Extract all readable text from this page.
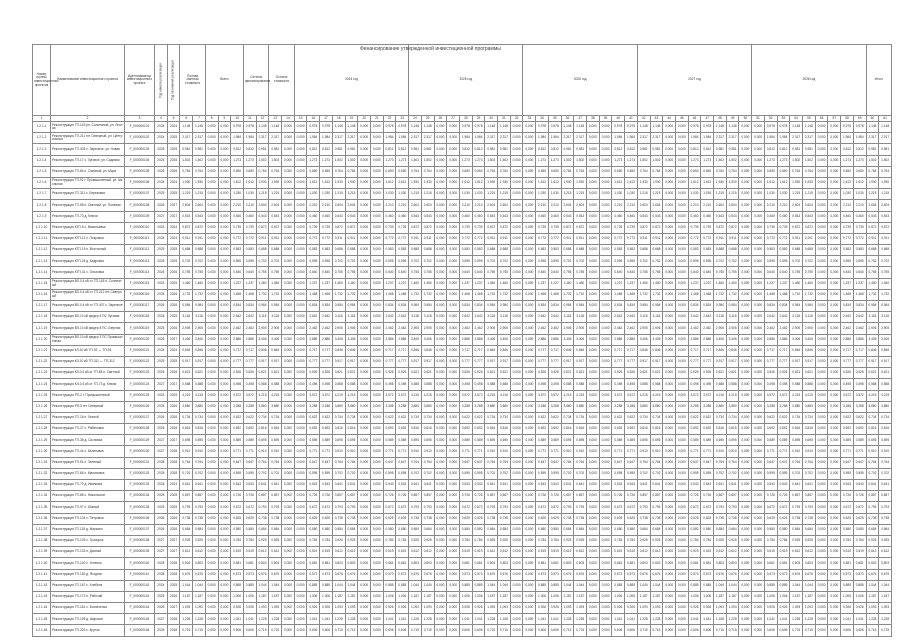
Финансирование утвержденной инвестиционной программы
Номер группы инвестиционных проектов	Наименование инвестиционного проекта	Идентификатор инвестиционного проекта	Год начала реализации	Год окончания реализации	Полная сметная стоимость		Всего			Остаток финансирования		Остаток стоимости		2024 год									2025 год									2026 год									2027 год									2028 год									Итого	
1	2	3	4	5	6	7	8	9	10	11	12	13	14	15	16	17	18	19	20	21	22	23	24	25	26	27	28	29	30	31	32	33	34	35	36	37	38	39	40	41	42	43	44	45	46	47	48	49	50	51	52	53	54	55	56	57	58	59	60	61
1.2.1.1	Реконструкция ТП-143 рп. Солнечный, ул. Лесная	F_000000101	2024	2024	1,148	1,148	0,000	0,000	0,978	0,978	1,148	1,148	0,000	0,000	0,978	0,978	1,148	1,148	0,000	0,000	0,978	0,978	1,148	1,148	0,000	0,000	0,978	0,978	1,148	1,148	0,000	0,000	0,978	0,978	1,148	1,148	0,000	0,000	0,978	0,978	1,148	1,148	0,000	0,000	0,978	0,978	1,148	1,148	0,000	0,000	0,978	0,978	1,148	1,148	0,000	0,000	0,978	0,978	1,148	1,148
1.2.1.2	Реконструкция ТП-211 пгт Северный, ул. Центральная	F_000000102	2024	2025	2,317	2,317	0,000	0,000	1,984	1,984	2,317	2,317	0,000	0,000	1,984	1,984	2,317	2,317	0,000	0,000	1,984	1,984	2,317	2,317	0,000	0,000	1,984	1,984	2,317	2,317	0,000	0,000	1,984	1,984	2,317	2,317	0,000	0,000	1,984	1,984	2,317	2,317	0,000	0,000	1,984	1,984	2,317	2,317	0,000	0,000	1,984	1,984	2,317	2,317	0,000	0,000	1,984	1,984	2,317	2,317
1.2.1.3	Реконструкция ТП-405 с. Заречное, ул. Новая	F_000000103	2025	2025	0,981	0,981	0,000	0,000	0,812	0,812	0,981	0,981	0,000	0,000	0,812	0,812	0,981	0,981	0,000	0,000	0,812	0,812	0,981	0,981	0,000	0,000	0,812	0,812	0,981	0,981	0,000	0,000	0,812	0,812	0,981	0,981	0,000	0,000	0,812	0,812	0,981	0,981	0,000	0,000	0,812	0,812	0,981	0,981	0,000	0,000	0,812	0,812	0,981	0,981	0,000	0,000	0,812	0,812	0,981	0,981
1.2.1.4	Реконструкция ТП-17 с. Луговое, ул. Садовая	F_000000104	2025	2026	1,502	1,502	0,000	0,000	1,273	1,273	1,502	1,502	0,000	0,000	1,273	1,273	1,502	1,502	0,000	0,000	1,273	1,273	1,502	1,502	0,000	0,000	1,273	1,273	1,502	1,502	0,000	0,000	1,273	1,273	1,502	1,502	0,000	0,000	1,273	1,273	1,502	1,502	0,000	0,000	1,273	1,273	1,502	1,502	0,000	0,000	1,273	1,273	1,502	1,502	0,000	0,000	1,273	1,273	1,502	1,502
1.2.1.5	Реконструкция ТП-84 п. Озерный, ул. Мира	F_000000105	2026	2026	0,764	0,764	0,000	0,000	0,650	0,650	0,764	0,764	0,000	0,000	0,650	0,650	0,764	0,764	0,000	0,000	0,650	0,650	0,764	0,764	0,000	0,000	0,650	0,650	0,764	0,764	0,000	0,000	0,650	0,650	0,764	0,764	0,000	0,000	0,650	0,650	0,764	0,764	0,000	0,000	0,650	0,650	0,764	0,764	0,000	0,000	0,650	0,650	0,764	0,764	0,000	0,000	0,650	0,650	0,764	0,764
1.2.1.6	Реконструкция ТП-92 г. Промышленный, ул. Школьная	F_000000106	2024	2024	1,930	1,930	0,000	0,000	1,612	1,612	1,930	1,930	0,000	0,000	1,612	1,612	1,930	1,930	0,000	0,000	1,612	1,612	1,930	1,930	0,000	0,000	1,612	1,612	1,930	1,930	0,000	0,000	1,612	1,612	1,930	1,930	0,000	0,000	1,612	1,612	1,930	1,930	0,000	0,000	1,612	1,612	1,930	1,930	0,000	0,000	1,612	1,612	1,930	1,930	0,000	0,000	1,612	1,612	1,930	1,930
1.2.1.7	Реконструкция ТП-311 с. Березовка	F_000000107	2025	2025	1,215	1,215	0,000	0,000	1,030	1,030	1,215	1,215	0,000	0,000	1,030	1,030	1,215	1,215	0,000	0,000	1,030	1,030	1,215	1,215	0,000	0,000	1,030	1,030	1,215	1,215	0,000	0,000	1,030	1,030	1,215	1,215	0,000	0,000	1,030	1,030	1,215	1,215	0,000	0,000	1,030	1,030	1,215	1,215	0,000	0,000	1,030	1,030	1,215	1,215	0,000	0,000	1,030	1,030	1,215	1,215
1.2.1.8	Реконструкция ТП-58 п. Светлый, ул. Полевая	F_000000108	2026	2027	2,604	2,604	0,000	0,000	2,210	2,210	2,604	2,604	0,000	0,000	2,210	2,210	2,604	2,604	0,000	0,000	2,210	2,210	2,604	2,604	0,000	0,000	2,210	2,210	2,604	2,604	0,000	0,000	2,210	2,210	2,604	2,604	0,000	0,000	2,210	2,210	2,604	2,604	0,000	0,000	2,210	2,210	2,604	2,604	0,000	0,000	2,210	2,210	2,604	2,604	0,000	0,000	2,210	2,210	2,604	2,604
1.2.1.9	Реконструкция ТП-73 д. Ключи	F_000000109	2027	2027	0,543	0,543	0,000	0,000	0,460	0,460	0,543	0,543	0,000	0,000	0,460	0,460	0,543	0,543	0,000	0,000	0,460	0,460	0,543	0,543	0,000	0,000	0,460	0,460	0,543	0,543	0,000	0,000	0,460	0,460	0,543	0,543	0,000	0,000	0,460	0,460	0,543	0,543	0,000	0,000	0,460	0,460	0,543	0,543	0,000	0,000	0,460	0,460	0,543	0,543	0,000	0,000	0,460	0,460	0,543	0,543
1.2.1.10	Реконструкция КТП-6 с. Васильевка	F_000000110	2024	2024	0,872	0,872	0,000	0,000	0,739	0,739	0,872	0,872	0,000	0,000	0,739	0,739	0,872	0,872	0,000	0,000	0,739	0,739	0,872	0,872	0,000	0,000	0,739	0,739	0,872	0,872	0,000	0,000	0,739	0,739	0,872	0,872	0,000	0,000	0,739	0,739	0,872	0,872	0,000	0,000	0,739	0,739	0,872	0,872	0,000	0,000	0,739	0,739	0,872	0,872	0,000	0,000	0,739	0,739	0,872	0,872
1.2.1.11	Реконструкция КТП-12 с. Покровка	F_000000111	2024	2024	0,911	0,911	0,000	0,000	0,772	0,772	0,911	0,911	0,000	0,000	0,772	0,772	0,911	0,911	0,000	0,000	0,772	0,772	0,911	0,911	0,000	0,000	0,772	0,772	0,911	0,911	0,000	0,000	0,772	0,772	0,911	0,911	0,000	0,000	0,772	0,772	0,911	0,911	0,000	0,000	0,772	0,772	0,911	0,911	0,000	0,000	0,772	0,772	0,911	0,911	0,000	0,000	0,772	0,772	0,911	0,911
1.2.1.12	Реконструкция КТП-19 п. Восточный	F_000000112	2025	2025	0,688	0,688	0,000	0,000	0,583	0,583	0,688	0,688	0,000	0,000	0,583	0,583	0,688	0,688	0,000	0,000	0,583	0,583	0,688	0,688	0,000	0,000	0,583	0,583	0,688	0,688	0,000	0,000	0,583	0,583	0,688	0,688	0,000	0,000	0,583	0,583	0,688	0,688	0,000	0,000	0,583	0,583	0,688	0,688	0,000	0,000	0,583	0,583	0,688	0,688	0,000	0,000	0,583	0,583	0,688	0,688
1.2.1.13	Реконструкция КТП-24 д. Кедровка	F_000000113	2025	2025	0,702	0,702	0,000	0,000	0,595	0,595	0,702	0,702	0,000	0,000	0,595	0,595	0,702	0,702	0,000	0,000	0,595	0,595	0,702	0,702	0,000	0,000	0,595	0,595	0,702	0,702	0,000	0,000	0,595	0,595	0,702	0,702	0,000	0,000	0,595	0,595	0,702	0,702	0,000	0,000	0,595	0,595	0,702	0,702	0,000	0,000	0,595	0,595	0,702	0,702	0,000	0,000	0,595	0,595	0,702	0,702
1.2.1.14	Реконструкция КТП-31 с. Ольховка	F_000000114	2026	2026	0,755	0,755	0,000	0,000	0,640	0,640	0,755	0,755	0,000	0,000	0,640	0,640	0,755	0,755	0,000	0,000	0,640	0,640	0,755	0,755	0,000	0,000	0,640	0,640	0,755	0,755	0,000	0,000	0,640	0,640	0,755	0,755	0,000	0,000	0,640	0,640	0,755	0,755	0,000	0,000	0,640	0,640	0,755	0,755	0,000	0,000	0,640	0,640	0,755	0,755	0,000	0,000	0,640	0,640	0,755	0,755
1.2.1.15	Реконструкция ВЛ-0,4 кВ от ТП-145 п. Солнечный	F_000000115	2024	2025	1,460	1,460	0,000	0,000	1,237	1,237	1,460	1,460	0,000	0,000	1,237	1,237	1,460	1,460	0,000	0,000	1,237	1,237	1,460	1,460	0,000	0,000	1,237	1,237	1,460	1,460	0,000	0,000	1,237	1,237	1,460	1,460	0,000	0,000	1,237	1,237	1,460	1,460	0,000	0,000	1,237	1,237	1,460	1,460	0,000	0,000	1,237	1,237	1,460	1,460	0,000	0,000	1,237	1,237	1,460	1,460
1.2.1.16	Реконструкция ВЛ-0,4 кВ от ТП-212 пгт Северный	F_000000116	2025	2026	1,732	1,732	0,000	0,000	1,468	1,468	1,732	1,732	0,000	0,000	1,468	1,468	1,732	1,732	0,000	0,000	1,468	1,468	1,732	1,732	0,000	0,000	1,468	1,468	1,732	1,732	0,000	0,000	1,468	1,468	1,732	1,732	0,000	0,000	1,468	1,468	1,732	1,732	0,000	0,000	1,468	1,468	1,732	1,732	0,000	0,000	1,468	1,468	1,732	1,732	0,000	0,000	1,468	1,468	1,732	1,732
1.2.1.17	Реконструкция ВЛ-0,4 кВ от ТП-407 с. Заречное	F_000000117	2026	2026	0,984	0,984	0,000	0,000	0,834	0,834	0,984	0,984	0,000	0,000	0,834	0,834	0,984	0,984	0,000	0,000	0,834	0,834	0,984	0,984	0,000	0,000	0,834	0,834	0,984	0,984	0,000	0,000	0,834	0,834	0,984	0,984	0,000	0,000	0,834	0,834	0,984	0,984	0,000	0,000	0,834	0,834	0,984	0,984	0,000	0,000	0,834	0,834	0,984	0,984	0,000	0,000	0,834	0,834	0,984	0,984
1.2.1.18	Реконструкция ВЛ-10 кВ фидер 5 ПС Луговая	F_000000118	2024	2025	3,118	3,118	0,000	0,000	2,642	2,642	3,118	3,118	0,000	0,000	2,642	2,642	3,118	3,118	0,000	0,000	2,642	2,642	3,118	3,118	0,000	0,000	2,642	2,642	3,118	3,118	0,000	0,000	2,642	2,642	3,118	3,118	0,000	0,000	2,642	2,642	3,118	3,118	0,000	0,000	2,642	2,642	3,118	3,118	0,000	0,000	2,642	2,642	3,118	3,118	0,000	0,000	2,642	2,642	3,118	3,118
1.2.1.19	Реконструкция ВЛ-10 кВ фидер 8 ПС Озерная	F_000000119	2025	2026	2,905	2,905	0,000	0,000	2,462	2,462	2,905	2,905	0,000	0,000	2,462	2,462	2,905	2,905	0,000	0,000	2,462	2,462	2,905	2,905	0,000	0,000	2,462	2,462	2,905	2,905	0,000	0,000	2,462	2,462	2,905	2,905	0,000	0,000	2,462	2,462	2,905	2,905	0,000	0,000	2,462	2,462	2,905	2,905	0,000	0,000	2,462	2,462	2,905	2,905	0,000	0,000	2,462	2,462	2,905	2,905
1.2.1.20	Реконструкция ВЛ-10 кВ фидер 3 ПС Промышленная	F_000000120	2026	2027	3,406	3,406	0,000	0,000	2,886	2,886	3,406	3,406	0,000	0,000	2,886	2,886	3,406	3,406	0,000	0,000	2,886	2,886	3,406	3,406	0,000	0,000	2,886	2,886	3,406	3,406	0,000	0,000	2,886	2,886	3,406	3,406	0,000	0,000	2,886	2,886	3,406	3,406	0,000	0,000	2,886	2,886	3,406	3,406	0,000	0,000	2,886	2,886	3,406	3,406	0,000	0,000	2,886	2,886	3,406	3,406
1.2.1.21	Реконструкция КЛ-10 кВ ТП-92 — ТП-93	F_000000121	2024	2024	0,846	0,846	0,000	0,000	0,717	0,717	0,846	0,846	0,000	0,000	0,717	0,717	0,846	0,846	0,000	0,000	0,717	0,717	0,846	0,846	0,000	0,000	0,717	0,717	0,846	0,846	0,000	0,000	0,717	0,717	0,846	0,846	0,000	0,000	0,717	0,717	0,846	0,846	0,000	0,000	0,717	0,717	0,846	0,846	0,000	0,000	0,717	0,717	0,846	0,846	0,000	0,000	0,717	0,717	0,846	0,846
1.2.1.22	Реконструкция КЛ-10 кВ ТП-311 — ТП-312	F_000000122	2025	2025	0,917	0,917	0,000	0,000	0,777	0,777	0,917	0,917	0,000	0,000	0,777	0,777	0,917	0,917	0,000	0,000	0,777	0,777	0,917	0,917	0,000	0,000	0,777	0,777	0,917	0,917	0,000	0,000	0,777	0,777	0,917	0,917	0,000	0,000	0,777	0,777	0,917	0,917	0,000	0,000	0,777	0,777	0,917	0,917	0,000	0,000	0,777	0,777	0,917	0,917	0,000	0,000	0,777	0,777	0,917	0,917
1.2.1.23	Реконструкция КЛ-0,4 кВ от ТП-58 п. Светлый	F_000000123	2026	2026	0,621	0,621	0,000	0,000	0,526	0,526	0,621	0,621	0,000	0,000	0,526	0,526	0,621	0,621	0,000	0,000	0,526	0,526	0,621	0,621	0,000	0,000	0,526	0,526	0,621	0,621	0,000	0,000	0,526	0,526	0,621	0,621	0,000	0,000	0,526	0,526	0,621	0,621	0,000	0,000	0,526	0,526	0,621	0,621	0,000	0,000	0,526	0,526	0,621	0,621	0,000	0,000	0,526	0,526	0,621	0,621
1.2.1.24	Реконструкция КЛ-0,4 кВ от ТП-73 д. Ключи	F_000000124	2027	2027	0,588	0,588	0,000	0,000	0,498	0,498	0,588	0,588	0,000	0,000	0,498	0,498	0,588	0,588	0,000	0,000	0,498	0,498	0,588	0,588	0,000	0,000	0,498	0,498	0,588	0,588	0,000	0,000	0,498	0,498	0,588	0,588	0,000	0,000	0,498	0,498	0,588	0,588	0,000	0,000	0,498	0,498	0,588	0,588	0,000	0,000	0,498	0,498	0,588	0,588	0,000	0,000	0,498	0,498	0,588	0,588
1.2.1.25	Реконструкция РП-2 г. Промышленный	F_000000125	2024	2025	4,215	4,215	0,000	0,000	3,572	3,572	4,215	4,215	0,000	0,000	3,572	3,572	4,215	4,215	0,000	0,000	3,572	3,572	4,215	4,215	0,000	0,000	3,572	3,572	4,215	4,215	0,000	0,000	3,572	3,572	4,215	4,215	0,000	0,000	3,572	3,572	4,215	4,215	0,000	0,000	3,572	3,572	4,215	4,215	0,000	0,000	3,572	3,572	4,215	4,215	0,000	0,000	3,572	3,572	4,215	4,215
1.2.1.26	Реконструкция РП-5 пгт Северный	F_000000126	2025	2026	3,880	3,880	0,000	0,000	3,288	3,288	3,880	3,880	0,000	0,000	3,288	3,288	3,880	3,880	0,000	0,000	3,288	3,288	3,880	3,880	0,000	0,000	3,288	3,288	3,880	3,880	0,000	0,000	3,288	3,288	3,880	3,880	0,000	0,000	3,288	3,288	3,880	3,880	0,000	0,000	3,288	3,288	3,880	3,880	0,000	0,000	3,288	3,288	3,880	3,880	0,000	0,000	3,288	3,288	3,880	3,880
1.2.1.27	Реконструкция ТП-16 п. Лесной	F_000000127	2026	2026	0,734	0,734	0,000	0,000	0,622	0,622	0,734	0,734	0,000	0,000	0,622	0,622	0,734	0,734	0,000	0,000	0,622	0,622	0,734	0,734	0,000	0,000	0,622	0,622	0,734	0,734	0,000	0,000	0,622	0,622	0,734	0,734	0,000	0,000	0,622	0,622	0,734	0,734	0,000	0,000	0,622	0,622	0,734	0,734	0,000	0,000	0,622	0,622	0,734	0,734	0,000	0,000	0,622	0,622	0,734	0,734
1.2.1.28	Реконструкция ТП-27 с. Рябиновка	F_000000128	2026	2026	0,816	0,816	0,000	0,000	0,692	0,692	0,816	0,816	0,000	0,000	0,692	0,692	0,816	0,816	0,000	0,000	0,692	0,692	0,816	0,816	0,000	0,000	0,692	0,692	0,816	0,816	0,000	0,000	0,692	0,692	0,816	0,816	0,000	0,000	0,692	0,692	0,816	0,816	0,000	0,000	0,692	0,692	0,816	0,816	0,000	0,000	0,692	0,692	0,816	0,816	0,000	0,000	0,692	0,692	0,816	0,816
1.2.1.29	Реконструкция ТП-38 д. Сосновка	F_000000129	2027	2027	0,695	0,695	0,000	0,000	0,589	0,589	0,695	0,695	0,000	0,000	0,589	0,589	0,695	0,695	0,000	0,000	0,589	0,589	0,695	0,695	0,000	0,000	0,589	0,589	0,695	0,695	0,000	0,000	0,589	0,589	0,695	0,695	0,000	0,000	0,589	0,589	0,695	0,695	0,000	0,000	0,589	0,589	0,695	0,695	0,000	0,000	0,589	0,589	0,695	0,695	0,000	0,000	0,589	0,589	0,695	0,695
1.2.1.30	Реконструкция ТП-44 с. Калиновка	F_000000130	2027	2028	0,910	0,910	0,000	0,000	0,771	0,771	0,910	0,910	0,000	0,000	0,771	0,771	0,910	0,910	0,000	0,000	0,771	0,771	0,910	0,910	0,000	0,000	0,771	0,771	0,910	0,910	0,000	0,000	0,771	0,771	0,910	0,910	0,000	0,000	0,771	0,771	0,910	0,910	0,000	0,000	0,771	0,771	0,910	0,910	0,000	0,000	0,771	0,771	0,910	0,910	0,000	0,000	0,771	0,771	0,910	0,910
1.2.1.31	Реконструкция ТП-51 п. Зеленый	F_000000131	2028	2028	0,764	0,764	0,000	0,000	0,647	0,647	0,764	0,764	0,000	0,000	0,647	0,647	0,764	0,764	0,000	0,000	0,647	0,647	0,764	0,764	0,000	0,000	0,647	0,647	0,764	0,764	0,000	0,000	0,647	0,647	0,764	0,764	0,000	0,000	0,647	0,647	0,764	0,764	0,000	0,000	0,647	0,647	0,764	0,764	0,000	0,000	0,647	0,647	0,764	0,764	0,000	0,000	0,647	0,647	0,764	0,764
1.2.1.32	Реконструкция ТП-66 с. Малиновка	F_000000132	2028	2028	0,702	0,702	0,000	0,000	0,595	0,595	0,702	0,702	0,000	0,000	0,595	0,595	0,702	0,702	0,000	0,000	0,595	0,595	0,702	0,702	0,000	0,000	0,595	0,595	0,702	0,702	0,000	0,000	0,595	0,595	0,702	0,702	0,000	0,000	0,595	0,595	0,702	0,702	0,000	0,000	0,595	0,595	0,702	0,702	0,000	0,000	0,595	0,595	0,702	0,702	0,000	0,000	0,595	0,595	0,702	0,702
1.2.1.33	Реконструкция ТП-79 д. Ивановка	F_000000133	2024	2024	0,641	0,641	0,000	0,000	0,543	0,543	0,641	0,641	0,000	0,000	0,543	0,543	0,641	0,641	0,000	0,000	0,543	0,543	0,641	0,641	0,000	0,000	0,543	0,543	0,641	0,641	0,000	0,000	0,543	0,543	0,641	0,641	0,000	0,000	0,543	0,543	0,641	0,641	0,000	0,000	0,543	0,543	0,641	0,641	0,000	0,000	0,543	0,543	0,641	0,641	0,000	0,000	0,543	0,543	0,641	0,641
1.2.1.34	Реконструкция ТП-88 с. Никольское	F_000000134	2025	2025	0,857	0,857	0,000	0,000	0,726	0,726	0,857	0,857	0,000	0,000	0,726	0,726	0,857	0,857	0,000	0,000	0,726	0,726	0,857	0,857	0,000	0,000	0,726	0,726	0,857	0,857	0,000	0,000	0,726	0,726	0,857	0,857	0,000	0,000	0,726	0,726	0,857	0,857	0,000	0,000	0,726	0,726	0,857	0,857	0,000	0,000	0,726	0,726	0,857	0,857	0,000	0,000	0,726	0,726	0,857	0,857
1.2.1.35	Реконструкция ТП-97 п. Южный	F_000000135	2025	2025	0,793	0,793	0,000	0,000	0,672	0,672	0,793	0,793	0,000	0,000	0,672	0,672	0,793	0,793	0,000	0,000	0,672	0,672	0,793	0,793	0,000	0,000	0,672	0,672	0,793	0,793	0,000	0,000	0,672	0,672	0,793	0,793	0,000	0,000	0,672	0,672	0,793	0,793	0,000	0,000	0,672	0,672	0,793	0,793	0,000	0,000	0,672	0,672	0,793	0,793	0,000	0,000	0,672	0,672	0,793	0,793
1.2.1.36	Реконструкция ТП-104 с. Петровка	F_000000136	2026	2026	0,738	0,738	0,000	0,000	0,625	0,625	0,738	0,738	0,000	0,000	0,625	0,625	0,738	0,738	0,000	0,000	0,625	0,625	0,738	0,738	0,000	0,000	0,625	0,625	0,738	0,738	0,000	0,000	0,625	0,625	0,738	0,738	0,000	0,000	0,625	0,625	0,738	0,738	0,000	0,000	0,625	0,625	0,738	0,738	0,000	0,000	0,625	0,625	0,738	0,738	0,000	0,000	0,625	0,625	0,738	0,738
1.2.1.37	Реконструкция ТП-118 д. Марьино	F_000000137	2026	2026	0,684	0,684	0,000	0,000	0,580	0,580	0,684	0,684	0,000	0,000	0,580	0,580	0,684	0,684	0,000	0,000	0,580	0,580	0,684	0,684	0,000	0,000	0,580	0,580	0,684	0,684	0,000	0,000	0,580	0,580	0,684	0,684	0,000	0,000	0,580	0,580	0,684	0,684	0,000	0,000	0,580	0,580	0,684	0,684	0,000	0,000	0,580	0,580	0,684	0,684	0,000	0,000	0,580	0,580	0,684	0,684
1.2.1.38	Реконструкция ТП-126 с. Троицкое	F_000000138	2027	2027	0,925	0,925	0,000	0,000	0,784	0,784	0,925	0,925	0,000	0,000	0,784	0,784	0,925	0,925	0,000	0,000	0,784	0,784	0,925	0,925	0,000	0,000	0,784	0,784	0,925	0,925	0,000	0,000	0,784	0,784	0,925	0,925	0,000	0,000	0,784	0,784	0,925	0,925	0,000	0,000	0,784	0,784	0,925	0,925	0,000	0,000	0,784	0,784	0,925	0,925	0,000	0,000	0,784	0,784	0,925	0,925
1.2.1.39	Реконструкция ТП-133 п. Дачный	F_000000139	2027	2027	0,612	0,612	0,000	0,000	0,519	0,519	0,612	0,612	0,000	0,000	0,519	0,519	0,612	0,612	0,000	0,000	0,519	0,519	0,612	0,612	0,000	0,000	0,519	0,519	0,612	0,612	0,000	0,000	0,519	0,519	0,612	0,612	0,000	0,000	0,519	0,519	0,612	0,612	0,000	0,000	0,519	0,519	0,612	0,612	0,000	0,000	0,519	0,519	0,612	0,612	0,000	0,000	0,519	0,519	0,612	0,612
1.2.1.40	Реконструкция ТП-140 с. Успенка	F_000000140	2028	2028	0,803	0,803	0,000	0,000	0,681	0,681	0,803	0,803	0,000	0,000	0,681	0,681	0,803	0,803	0,000	0,000	0,681	0,681	0,803	0,803	0,000	0,000	0,681	0,681	0,803	0,803	0,000	0,000	0,681	0,681	0,803	0,803	0,000	0,000	0,681	0,681	0,803	0,803	0,000	0,000	0,681	0,681	0,803	0,803	0,000	0,000	0,681	0,681	0,803	0,803	0,000	0,000	0,681	0,681	0,803	0,803
1.2.1.41	Реконструкция ТП-152 д. Ягодное	F_000000141	2028	2028	0,676	0,676	0,000	0,000	0,573	0,573	0,676	0,676	0,000	0,000	0,573	0,573	0,676	0,676	0,000	0,000	0,573	0,573	0,676	0,676	0,000	0,000	0,573	0,573	0,676	0,676	0,000	0,000	0,573	0,573	0,676	0,676	0,000	0,000	0,573	0,573	0,676	0,676	0,000	0,000	0,573	0,573	0,676	0,676	0,000	0,000	0,573	0,573	0,676	0,676	0,000	0,000	0,573	0,573	0,676	0,676
1.2.1.42	Реконструкция ТП-167 с. Хлебное	F_000000142	2024	2025	1,044	1,044	0,000	0,000	0,885	0,885	1,044	1,044	0,000	0,000	0,885	0,885	1,044	1,044	0,000	0,000	0,885	0,885	1,044	1,044	0,000	0,000	0,885	0,885	1,044	1,044	0,000	0,000	0,885	0,885	1,044	1,044	0,000	0,000	0,885	0,885	1,044	1,044	0,000	0,000	0,885	0,885	1,044	1,044	0,000	0,000	0,885	0,885	1,044	1,044	0,000	0,000	0,885	0,885	1,044	1,044
1.2.1.43	Реконструкция ТП-173 п. Рабочий	F_000000143	2025	2026	1,187	1,187	0,000	0,000	1,006	1,006	1,187	1,187	0,000	0,000	1,006	1,006	1,187	1,187	0,000	0,000	1,006	1,006	1,187	1,187	0,000	0,000	1,006	1,006	1,187	1,187	0,000	0,000	1,006	1,006	1,187	1,187	0,000	0,000	1,006	1,006	1,187	1,187	0,000	0,000	1,006	1,006	1,187	1,187	0,000	0,000	1,006	1,006	1,187	1,187	0,000	0,000	1,006	1,006	1,187	1,187
1.2.1.44	Реконструкция ТП-181 с. Вознесенка	F_000000144	2026	2027	1,093	1,093	0,000	0,000	0,926	0,926	1,093	1,093	0,000	0,000	0,926	0,926	1,093	1,093	0,000	0,000	0,926	0,926	1,093	1,093	0,000	0,000	0,926	0,926	1,093	1,093	0,000	0,000	0,926	0,926	1,093	1,093	0,000	0,000	0,926	0,926	1,093	1,093	0,000	0,000	0,926	0,926	1,093	1,093	0,000	0,000	0,926	0,926	1,093	1,093	0,000	0,000	0,926	0,926	1,093	1,093
1.2.1.45	Реконструкция ТП-195 д. Широкое	F_000000145	2027	2028	1,228	1,228	0,000	0,000	1,041	1,041	1,228	1,228	0,000	0,000	1,041	1,041	1,228	1,228	0,000	0,000	1,041	1,041	1,228	1,228	0,000	0,000	1,041	1,041	1,228	1,228	0,000	0,000	1,041	1,041	1,228	1,228	0,000	0,000	1,041	1,041	1,228	1,228	0,000	0,000	1,041	1,041	1,228	1,228	0,000	0,000	1,041	1,041	1,228	1,228	0,000	0,000	1,041	1,041	1,228	1,228
1.2.1.46	Реконструкция ТП-203 с. Крутое	F_000000146	2028	2028	0,715	0,715	0,000	0,000	0,606	0,606	0,715	0,715	0,000	0,000	0,606	0,606	0,715	0,715	0,000	0,000	0,606	0,606	0,715	0,715	0,000	0,000	0,606	0,606	0,715	0,715	0,000	0,000	0,606	0,606	0,715	0,715	0,000	0,000	0,606	0,606	0,715	0,715	0,000	0,000	0,606	0,606	0,715	0,715	0,000	0,000	0,606	0,606	0,715	0,715	0,000	0,000	0,606	0,606	0,715	0,715
